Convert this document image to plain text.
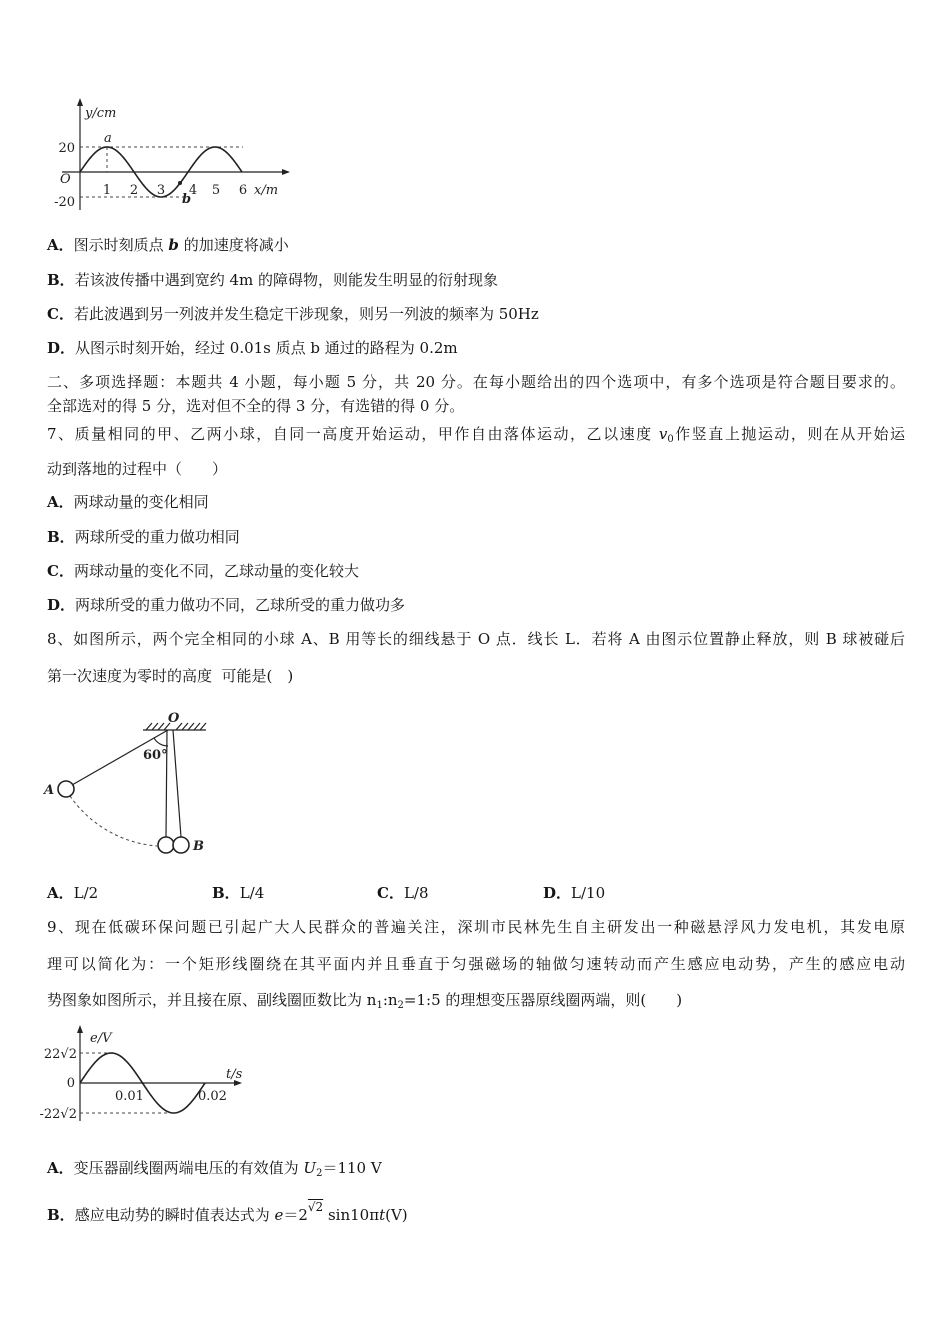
y/cm
a
20
O
-20
1 2 3 4 5 6 x/m
b
A．图示时刻质点 b 的加速度将减小
B．若该波传播中遇到宽约 4m 的障碍物，则能发生明显的衍射现象
C．若此波遇到另一列波并发生稳定干涉现象，则另一列波的频率为 50Hz
D．从图示时刻开始，经过 0.01s 质点 b 通过的路程为 0.2m
二、多项选择题：本题共 4 小题，每小题 5 分，共 20 分。在每小题给出的四个选项中，有多个选项是符合题目要求的。
全部选对的得 5 分，选对但不全的得 3 分，有选错的得 0 分。
7、质量相同的甲、乙两小球，自同一高度开始运动，甲作自由落体运动，乙以速度 $v_0$作竖直上抛运动，则在从开始运
动到落地的过程中（　　）
A．两球动量的变化相同
B．两球所受的重力做功相同
C．两球动量的变化不同，乙球动量的变化较大
D．两球所受的重力做功不同，乙球所受的重力做功多
8、如图所示，两个完全相同的小球 A、B 用等长的细线悬于 O 点．线长 L．若将 A 由图示位置静止释放，则 B 球被碰后
第一次速度为零时的高度  可能是(　)
O
60°
A
B
A．L/2	B．L/4	C．L/8	D．L/10
9、现在低碳环保问题已引起广大人民群众的普遍关注，深圳市民林先生自主研发出一种磁悬浮风力发电机，其发电原
理可以简化为：一个矩形线圈绕在其平面内并且垂直于匀强磁场的轴做匀速转动而产生感应电动势，产生的感应电动
势图象如图所示，并且接在原、副线圈匝数比为 $n_1:n_2=1:5$ 的理想变压器原线圈两端，则(　　)
e/V
22√2
0
-22√2
0.01	0.02
t/s
A．变压器副线圈两端电压的有效值为 $U_2=110$ V
B．感应电动势的瞬时值表达式为 $e=2^{√2}$ sin10πt(V)
